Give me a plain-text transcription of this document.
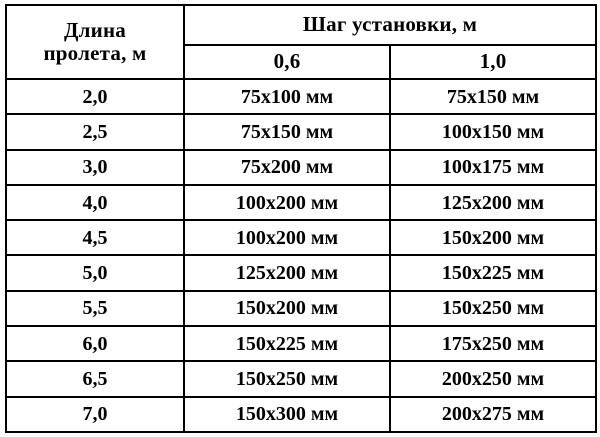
Длина
пролета, м	Шаг установки, м	
	0,6	1,0
2,0	75х100 мм	75х150 мм
2,5	75х150 мм	100х150 мм
3,0	75х200 мм	100х175 мм
4,0	100х200 мм	125х200 мм
4,5	100х200 мм	150х200 мм
5,0	125х200 мм	150х225 мм
5,5	150х200 мм	150х250 мм
6,0	150х225 мм	175х250 мм
6,5	150х250 мм	200х250 мм
7,0	150х300 мм	200х275 мм
